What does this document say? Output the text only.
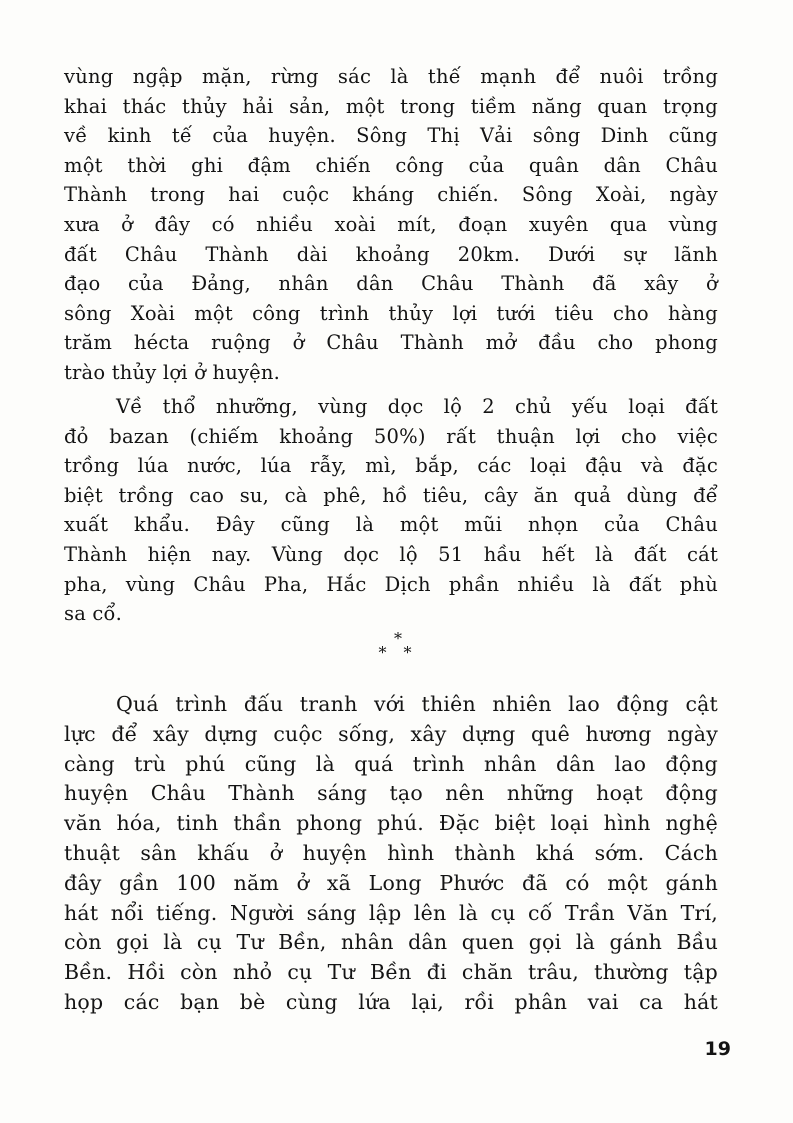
vùng ngập mặn, rừng sác là thế mạnh để nuôi trồng
khai thác thủy hải sản, một trong tiềm năng quan trọng
về kinh tế của huyện. Sông Thị Vải sông Dinh cũng
một thời ghi đậm chiến công của quân dân Châu
Thành trong hai cuộc kháng chiến. Sông Xoài, ngày
xưa ở đây có nhiều xoài mít, đoạn xuyên qua vùng
đất Châu Thành dài khoảng 20km. Dưới sự lãnh
đạo của Đảng, nhân dân Châu Thành đã xây ở
sông Xoài một công trình thủy lợi tưới tiêu cho hàng
trăm hécta ruộng ở Châu Thành mở đầu cho phong
trào thủy lợi ở huyện.
Về thổ nhưỡng, vùng dọc lộ 2 chủ yếu loại đất
đỏ bazan (chiếm khoảng 50%) rất thuận lợi cho việc
trồng lúa nước, lúa rẫy, mì, bắp, các loại đậu và đặc
biệt trồng cao su, cà phê, hồ tiêu, cây ăn quả dùng để
xuất khẩu. Đây cũng là một mũi nhọn của Châu
Thành hiện nay. Vùng dọc lộ 51 hầu hết là đất cát
pha, vùng Châu Pha, Hắc Dịch phần nhiều là đất phù
sa cổ.
*
* *
Quá trình đấu tranh với thiên nhiên lao động cật
lực để xây dựng cuộc sống, xây dựng quê hương ngày
càng trù phú cũng là quá trình nhân dân lao động
huyện Châu Thành sáng tạo nên những hoạt động
văn hóa, tinh thần phong phú. Đặc biệt loại hình nghệ
thuật sân khấu ở huyện hình thành khá sớm. Cách
đây gần 100 năm ở xã Long Phước đã có một gánh
hát nổi tiếng. Người sáng lập lên là cụ cố Trần Văn Trí,
còn gọi là cụ Tư Bền, nhân dân quen gọi là gánh Bầu
Bền. Hồi còn nhỏ cụ Tư Bền đi chăn trâu, thường tập
họp các bạn bè cùng lứa lại, rồi phân vai ca hát
19
